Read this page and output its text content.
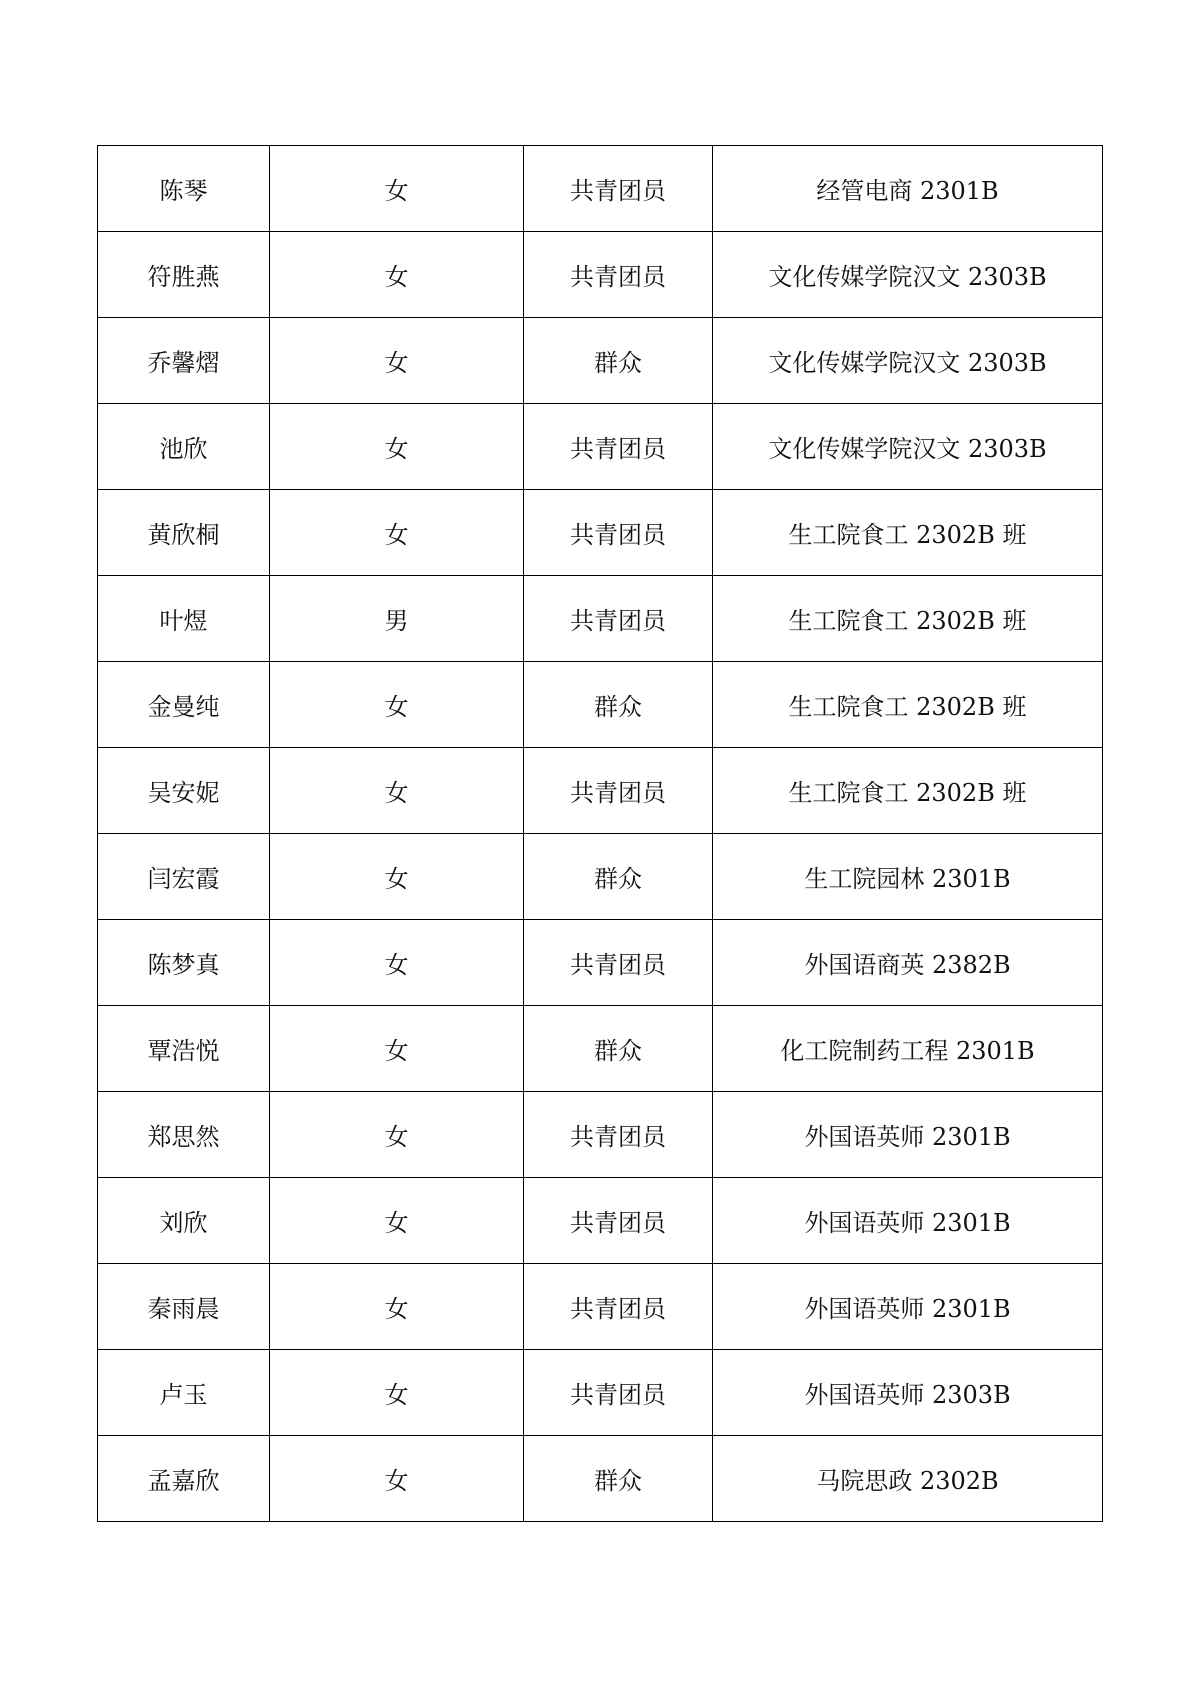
陈琴	女	共青团员	经管电商 2301B
符胜燕	女	共青团员	文化传媒学院汉文 2303B
乔馨熠	女	群众	文化传媒学院汉文 2303B
池欣	女	共青团员	文化传媒学院汉文 2303B
黄欣桐	女	共青团员	生工院食工 2302B 班
叶煜	男	共青团员	生工院食工 2302B 班
金曼纯	女	群众	生工院食工 2302B 班
吴安妮	女	共青团员	生工院食工 2302B 班
闫宏霞	女	群众	生工院园林 2301B
陈梦真	女	共青团员	外国语商英 2382B
覃浩悦	女	群众	化工院制药工程 2301B
郑思然	女	共青团员	外国语英师 2301B
刘欣	女	共青团员	外国语英师 2301B
秦雨晨	女	共青团员	外国语英师 2301B
卢玉	女	共青团员	外国语英师 2303B
孟嘉欣	女	群众	马院思政 2302B
